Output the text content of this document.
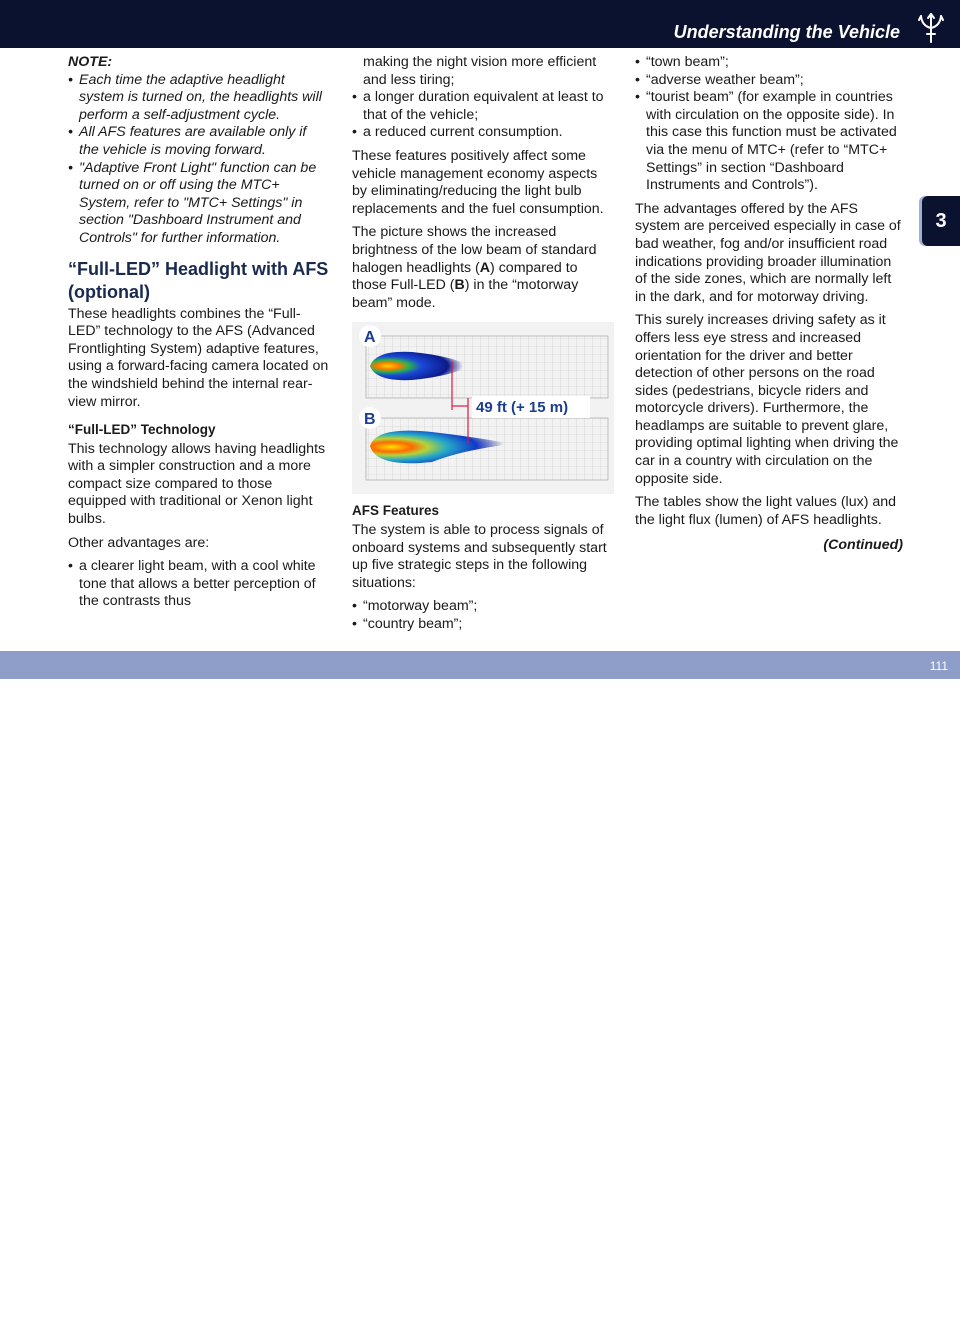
Understanding the Vehicle
3

NOTE:

• Each time the adaptive headlight system is turned on, the headlights will perform a self-adjustment cycle.
• All AFS features are available only if the vehicle is moving forward.
• "Adaptive Front Light" function can be turned on or off using the MTC+ System, refer to "MTC+ Settings" in section "Dashboard Instrument and Controls" for further information.
“Full-LED” Headlight with AFS (optional)

These headlights combines the “Full-LED” technology to the AFS (Advanced Frontlighting System) adaptive features, using a forward-facing camera located on the windshield behind the internal rear-view mirror.

“Full-LED” Technology

This technology allows having headlights with a simpler construction and a more compact size compared to those equipped with traditional or Xenon light bulbs.

Other advantages are:

• a clearer light beam, with a cool white tone that allows a better perception of the contrasts thus

making the night vision more efficient and less tiring;

• a longer duration equivalent at least to that of the vehicle;
• a reduced current consumption.

These features positively affect some vehicle management economy aspects by eliminating/reducing the light bulb replacements and the fuel consumption.

The picture shows the increased brightness of the low beam of standard halogen headlights (A) compared to those Full-LED (B) in the “motorway beam” mode.

49 ft (+ 15 m)
A
B
AFS Features

The system is able to process signals of onboard systems and subsequently start up five strategic steps in the following situations:

• “motorway beam”;
• “country beam”;
• “town beam”;
• “adverse weather beam”;
• “tourist beam” (for example in countries with circulation on the opposite side). In this case this function must be activated via the menu of MTC+ (refer to “MTC+ Settings” in section “Dashboard Instruments and Controls”).

The advantages offered by the AFS system are perceived especially in case of bad weather, fog and/or insufficient road indications providing broader illumination of the side zones, which are normally left in the dark, and for motorway driving.

This surely increases driving safety as it offers less eye stress and increased orientation for the driver and better detection of other persons on the road sides (pedestrians, bicycle riders and motorcycle drivers). Furthermore, the headlamps are suitable to prevent glare, providing optimal lighting when driving the car in a country with circulation on the opposite side.

The tables show the light values (lux) and the light flux (lumen) of AFS headlights.

(Continued)

carmanualsonline.info
111
